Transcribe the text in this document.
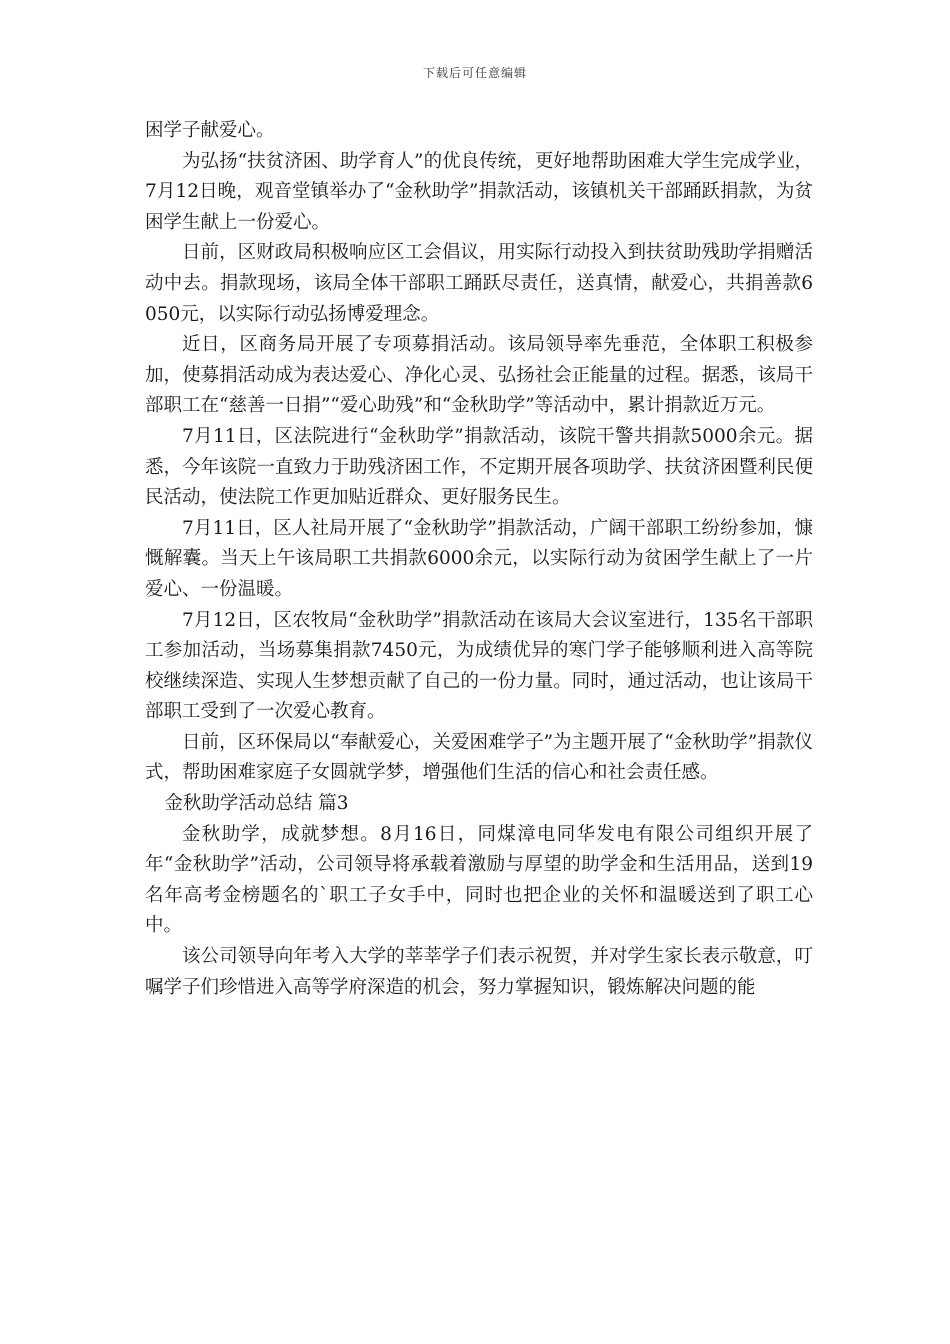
下载后可任意编辑

困学子献爱心。

为弘扬“扶贫济困、助学育人”的优良传统，更好地帮助困难大学生完成学业，7月12日晚，观音堂镇举办了“金秋助学”捐款活动，该镇机关干部踊跃捐款，为贫困学生献上一份爱心。

日前，区财政局积极响应区工会倡议，用实际行动投入到扶贫助残助学捐赠活动中去。捐款现场，该局全体干部职工踊跃尽责任，送真情，献爱心，共捐善款6050元，以实际行动弘扬博爱理念。

近日，区商务局开展了专项募捐活动。该局领导率先垂范，全体职工积极参加，使募捐活动成为表达爱心、净化心灵、弘扬社会正能量的过程。据悉，该局干部职工在“慈善一日捐”“爱心助残”和“金秋助学”等活动中，累计捐款近万元。

7月11日，区法院进行“金秋助学”捐款活动，该院干警共捐款5000余元。据悉，今年该院一直致力于助残济困工作，不定期开展各项助学、扶贫济困暨利民便民活动，使法院工作更加贴近群众、更好服务民生。

7月11日，区人社局开展了“金秋助学”捐款活动，广阔干部职工纷纷参加，慷慨解囊。当天上午该局职工共捐款6000余元，以实际行动为贫困学生献上了一片爱心、一份温暖。

7月12日，区农牧局“金秋助学”捐款活动在该局大会议室进行，135名干部职工参加活动，当场募集捐款7450元，为成绩优异的寒门学子能够顺利进入高等院校继续深造、实现人生梦想贡献了自己的一份力量。同时，通过活动，也让该局干部职工受到了一次爱心教育。

日前，区环保局以“奉献爱心，关爱困难学子”为主题开展了“金秋助学”捐款仪式，帮助困难家庭子女圆就学梦，增强他们生活的信心和社会责任感。

金秋助学活动总结 篇3

金秋助学，成就梦想。8月16日，同煤漳电同华发电有限公司组织开展了年“金秋助学”活动，公司领导将承载着激励与厚望的助学金和生活用品，送到19名年高考金榜题名的`职工子女手中，同时也把企业的关怀和温暖送到了职工心中。

该公司领导向年考入大学的莘莘学子们表示祝贺，并对学生家长表示敬意，叮嘱学子们珍惜进入高等学府深造的机会，努力掌握知识，锻炼解决问题的能
